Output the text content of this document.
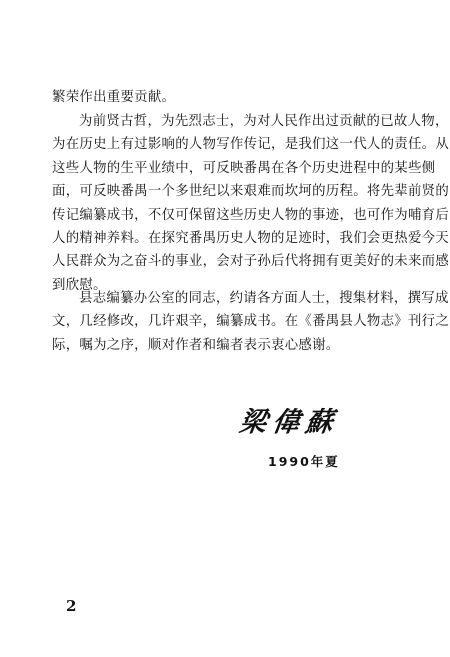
繁荣作出重要贡献。
为前贤古哲，为先烈志士，为对人民作出过贡献的已故人物，
为在历史上有过影响的人物写作传记，是我们这一代人的责任。从
这些人物的生平业绩中，可反映番禺在各个历史进程中的某些侧
面，可反映番禺一个多世纪以来艰难而坎坷的历程。将先辈前贤的
传记编纂成书，不仅可保留这些历史人物的事迹，也可作为哺育后
人的精神养料。在探究番禺历史人物的足迹时，我们会更热爱今天
人民群众为之奋斗的事业，会对子孙后代将拥有更美好的未来而感
到欣慰。
县志编纂办公室的同志，约请各方面人士，搜集材料，撰写成
文，几经修改，几许艰辛，编纂成书。在《番禺县人物志》刊行之
际，嘱为之序，顺对作者和编者表示衷心感谢。
梁偉蘇
1990年夏
2
